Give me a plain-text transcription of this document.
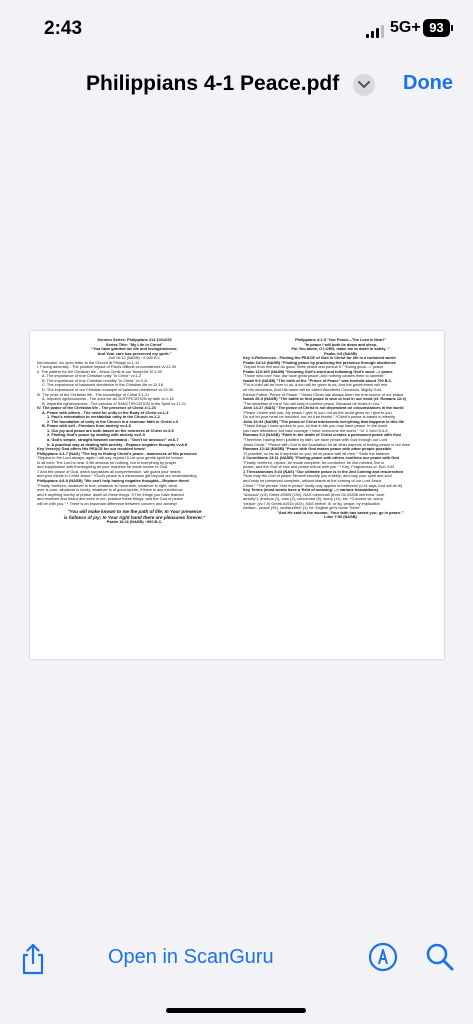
2:43	5G+ 93
Philippians 4-1 Peace.pdf	Done
Sermon Series: Philippians #14 10/12/25
Series Title: "My Life in Christ"
"You have granted me life and lovingkindness;
And Your care has preserved my spirit."
Job 10:12 (NASB) ~2,500 B.C
Introduction: An open letter to the Church at Philippi vv.1-11
I. Facing adversity - The positive impact of Paul's difficult circumstances vv.12-30
II. The pattern for the Christian life - Jesus Christ is our 'blueprint' f2:1-30
A. The importance of true Christian unity "in Christ" vv.1-2
B. The importance of true Christian humility "in Christ" vv.3-11
C. The importance of balanced obedience in the Christian life vv.12-18
D. The importance of our Christian example of balanced obedience vv.19-30
III. The prize of the Christian life - The knowledge of Christ 3:1-21
A. Imputed righteousness - The once-for-all JUSTIFICATION by faith vv.1-16
B. Imparted righteousness - The process of SANCTIFICATION in the Spirit vv.17-21
IV. The peace of the Christian life - The presence of Christ 4:1-23
A. Peace with others - The need for unity in the Body of Christ vv.1-3
1. Paul's exhortation to reestablish unity in the Church vv.1-2
2. The foundation of unity in the Church is a common faith in Christ v.3
B. Peace with self - Freedom from anxiety vv.4-5
1. Our joy and peace are both based on the nearness of Christ vv.4-5
2. Finding God's peace by dealing with anxiety vv.6-9
a. God's simple, straight-forward command - "Don't be anxious!" vv.6-7
b. A practical way of dealing with anxiety - Replace negative thoughts vv.8-9
Key Verse(s) God offers His PEACE for our troubled times!
Philippians 4:4-7 (NAS) "The key to finding Christ's peace - awareness of His presence
"Rejoice in the Lord always; again I will say, rejoice! 5 Let your gentle spirit be known
to all men. The Lord is near. 6 Be anxious for nothing, but in everything by prayer
and supplication with thanksgiving let your requests be made known to God.
7 And the peace of God, which surpasses all comprehension, will guard your hearts
and your minds in Christ Jesus." *God's peace is a miraculous gift beyond our understanding
Philippians 4:8-9 (NASB) "We can't help having negative thoughts—Replace them!
"Finally, brethren, whatever is true, whatever is honorable, whatever is right, what-
ever is pure, whatever is lovely, whatever is of good repute, if there is any excellence
and if anything worthy of praise, dwell on these things. 9 The things you have learned
and received and heard and seen in me, practice these things, and the God of peace
will be with you." * There is an important difference between concern and anxiety!
"You will make known to me the path of life; In Your presence
is fullness of joy; In Your right hand there are pleasures forever."
Psalm 16:11 (NASB) ~900 B.C.
Philippians 4:1-9 "Our Peace—The Lord is Near!"
"In peace I will both lie down and sleep,
For You alone, O LORD, make me to dwell in safety ."
Psalm 4:8 (NASB)
Key X-References - Finding the PEACE of God in Christ for life in a turbulent world
Psalm 34:14 (NASB) "Finding peace by practicing His presence through obedience
"Depart from evil and do good; Seek peace and pursue it." *Doing good --> peace
Psalm 119:165 (NASB) "Knowing God's word and following God's word --> peace
"Those who love Your law have great peace, And nothing causes them to stumble."
Isaiah 9:6 (NASB) "The birth of the "Prince of Peace" was foretold about 700 B.C.
"For a child will be born to us, a son will be given to us; And the government will rest
on His shoulders; And His name will be called Wonderful Counselor, Mighty God,
Eternal Father, Prince of Peace." *Jesus Christ has always been the true source of our peace
Isaiah 26:3 (NASB) "The battle to find peace is won or lost in our mind (cf. Romans 12:2)
"The steadfast of mind You will keep in perfect peace, Because he trusts in You."
John 14:27 (NAS) "The peace of Christ is not dependent on circumstances in the world
"Peace I leave with you; My peace I give to you; not as the world gives do I give to you.
Do not let your heart be troubled, nor let it be fearful." *Christ's peace is based in eternity
John 16:33 (NASB) "The peace of Christ transcends everything that happens in this life
"These things I have spoken to you, so that in Me you may have peace. In the world
you have tribulation, but take courage; I have overcome the world." *cf. 1 John 5:4-5
Romans 5:1 (NASB) "Faith in the death of Christ creates a permanent peace with God
"Therefore, having been justified by faith, we have peace with God through our Lord
Jesus Christ." *Peace with God is the foundation for all other aspects of finding peace in our lives
Romans 12:18 (NASB) "Peace with God makes peace with other people possible
"If possible, so far as it depends on you, be at peace with all men." *Note the balance
2 Corinthians 13:11 (NASB) "Finding peace with others confirms our peace with God
"Finally, brethren, rejoice, be made complete, be comforted, be like-minded, live in
peace; and the God of love and peace will be with you." * Key: Forgiveness cf. Eph 4:32
1 Thessalonians 5:23 (NAS) "Our ultimate peace is in the 2nd Coming and resurrection
"Now may the God of peace Himself sanctify you entirely; and may your spirit and soul
and body be preserved complete, without blame at the coming of our Lord Jesus
Christ." *The phrase "rest in peace" really only applies to believers! (v.24 says God will do it!)
Key Terms (most words have a 'field of meaning' --> various translations)
"anxious" (v.6) Greek #3309 (19x), NAS merimnaō (from Gk #3308 merimna "care,
anxiety"): anxious (1), care (2), concerned (5), worry (11), etc. *Concern vs. worry
"peace" (vv.7,9) Greek #1515 (92x), NAS eirēnē: lit. or fig. peace, by implication
welfare-- peace (91), undisturbed* (1) *cf. English girl's name "Irene"
"And He said to the woman, 'Your faith has saved you; go in peace.'"
Luke 7:50 (NASB)
Open in ScanGuru
